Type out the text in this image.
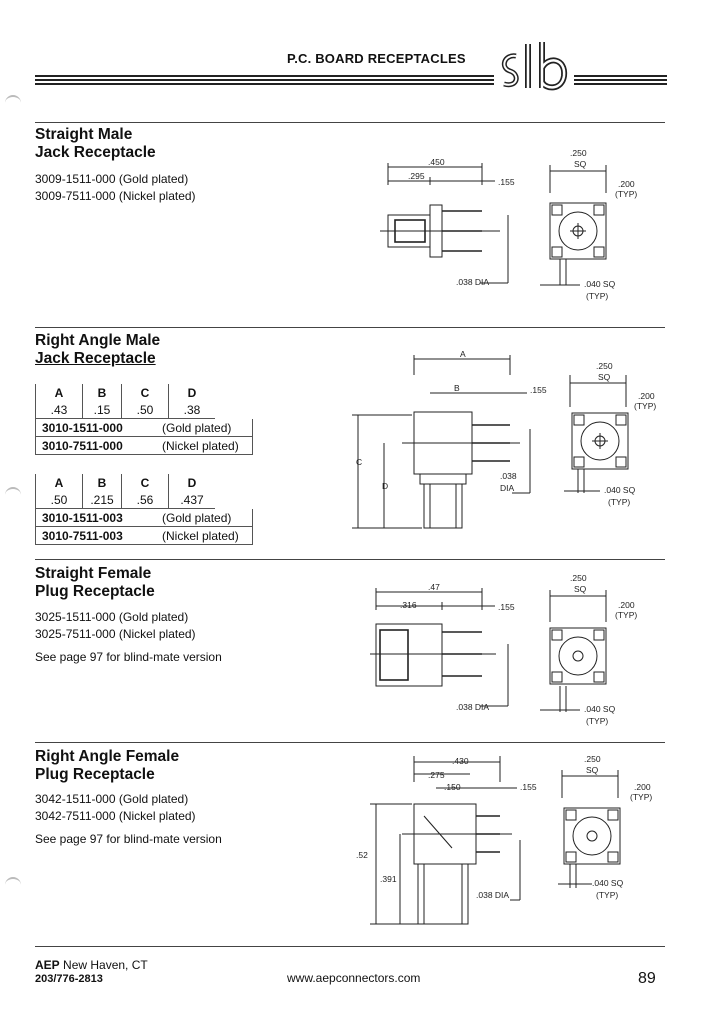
P.C. BOARD RECEPTACLES
Straight Male
Jack Receptacle
3009-1511-000 (Gold plated)
3009-7511-000 (Nickel plated)
.450
.295
.155
.038 DIA
.250
SQ
.200
(TYP)
.040 SQ
(TYP)
Right Angle Male
Jack Receptacle
A	B	C	D
.43	.15	.50	.38
3010-1511-000	(Gold plated)
3010-7511-000	(Nickel plated)
A	B	C	D
.50	.215	.56	.437
3010-1511-003	(Gold plated)
3010-7511-003	(Nickel plated)
A
B	.155
C
D
.038
DIA
.250
SQ
.200
(TYP)
.040 SQ
(TYP)
Straight Female
Plug Receptacle
3025-1511-000 (Gold plated)
3025-7511-000 (Nickel plated)
See page 97 for blind-mate version
.47
.316	.155
.038 DIA
.250
SQ
.200
(TYP)
.040 SQ
(TYP)
Right Angle Female
Plug Receptacle
3042-1511-000 (Gold plated)
3042-7511-000 (Nickel plated)
See page 97 for blind-mate version
.430
.275
.150	.155
.52
.391
.038 DIA
.250
SQ
.200
(TYP)
.040 SQ
(TYP)
AEP New Haven, CT
203/776-2813	www.aepconnectors.com	89
